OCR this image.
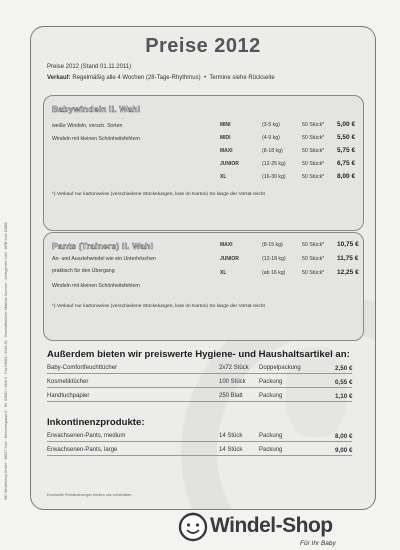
WD Windelshop GmbH · 98527 Suhl · Heinrichsgasse 5 · Tel. 03681 / 4546-0 · Fax 03681 / 4546-20 · Geschäftsführer: Mathias Sommer · Amtsgericht Suhl · HRB Suhl 10888
Preise 2012
Preise 2012 (Stand 01.11.2011)
Verkauf: Regelmäßig alle 4 Wochen (28-Tage-Rhythmus) • Termine siehe Rückseite
Babywindeln II. Wahl
weiße Windeln, versch. Sorten
Windeln mit kleinen Schönheitsfehlern
MINI	(3-5 kg)	50 Stück* 5,00 €
MIDI	(4-9 kg)	50 Stück* 5,50 €
MAXI	(8-18 kg)	50 Stück* 5,75 €
JUNIOR	(12-25 kg)	50 Stück* 6,75 €
XL	(16-30 kg)	50 Stück* 8,00 €
*) Verkauf nur kartonweise (verschiedene Stückelungen, lose im Karton) So lange der Vorrat reicht
Pants (Trainers) II. Wahl
An- und Ausziehwindel wie ein Unterhöschen
praktisch für den Übergang
Windeln mit kleinen Schönheitsfehlern
MAXI	(8-15 kg)	50 Stück* 10,75 €
JUNIOR	(12-18 kg)	50 Stück* 11,75 €
XL	(ab 16 kg)	50 Stück* 12,25 €
*) Verkauf nur kartonweise (verschiedene Stückelungen, lose im Karton) So lange der Vorrat reicht
Außerdem bieten wir preiswerte Hygiene- und Haushaltsartikel an:
Baby-Comfortfeuchttücher	2x72 Stück Doppelpackung	2,50 €
Kosmetiktücher	100 Stück Packung	0,55 €
Handtuchpapier	250 Blatt	Packung	1,10 €
Inkontinenzprodukte:
Erwachsenen-Pants, medium	14 Stück	Packung	8,00 €
Erwachsenen-Pants, large	14 Stück	Packung	9,00 €
Eventuelle Preisänderungen bleiben uns vorbehalten.
Windel-Shop
Für Ihr Baby
